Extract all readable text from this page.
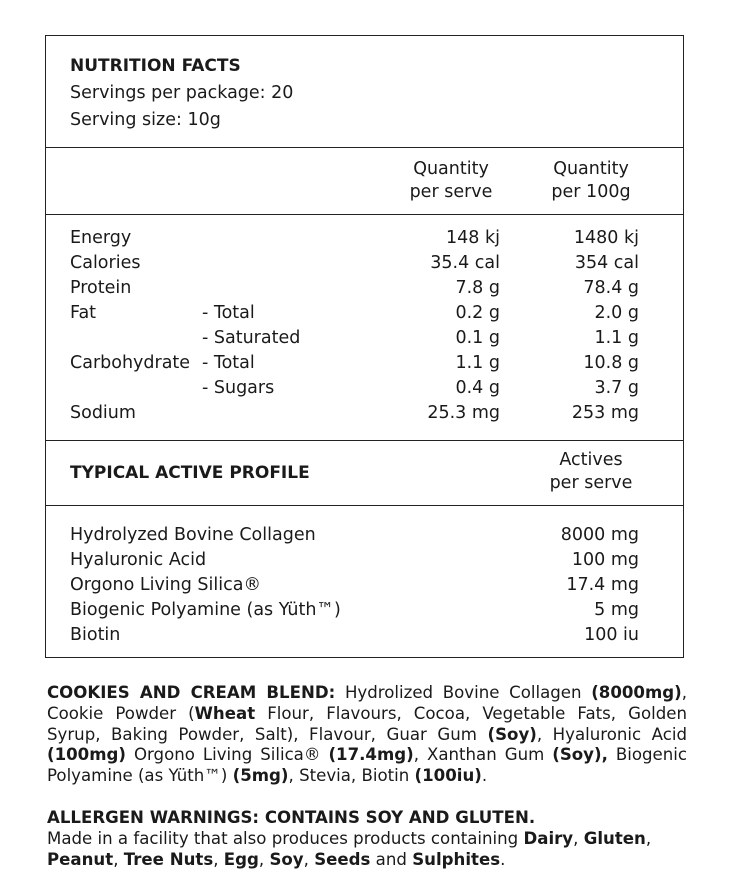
NUTRITION FACTS
Servings per package: 20
Serving size: 10g
Quantity
per serve
Quantity
per 100g
Energy	148 kj	1480 kj
Calories	35.4 cal	354 cal
Protein	7.8 g	78.4 g
Fat	- Total	0.2 g	2.0 g
- Saturated	0.1 g	1.1 g
Carbohydrate - Total	1.1 g	10.8 g
- Sugars	0.4 g	3.7 g
Sodium	25.3 mg	253 mg
TYPICAL ACTIVE PROFILE
Actives
per serve
Hydrolyzed Bovine Collagen	8000 mg
Hyaluronic Acid	100 mg
Orgono Living Silica®	17.4 mg
Biogenic Polyamine (as Yüth™)	5 mg
Biotin	100 iu
COOKIES AND CREAM BLEND: Hydrolized Bovine Collagen (8000mg), Cookie Powder (Wheat Flour, Flavours, Cocoa, Vegetable Fats, Golden Syrup, Baking Powder, Salt), Flavour, Guar Gum (Soy), Hyaluronic Acid (100mg) Orgono Living Silica® (17.4mg), Xanthan Gum (Soy), Biogenic Polyamine (as Yüth™) (5mg), Stevia, Biotin (100iu).
ALLERGEN WARNINGS: CONTAINS SOY AND GLUTEN.
Made in a facility that also produces products containing Dairy, Gluten,
Peanut, Tree Nuts, Egg, Soy, Seeds and Sulphites.
